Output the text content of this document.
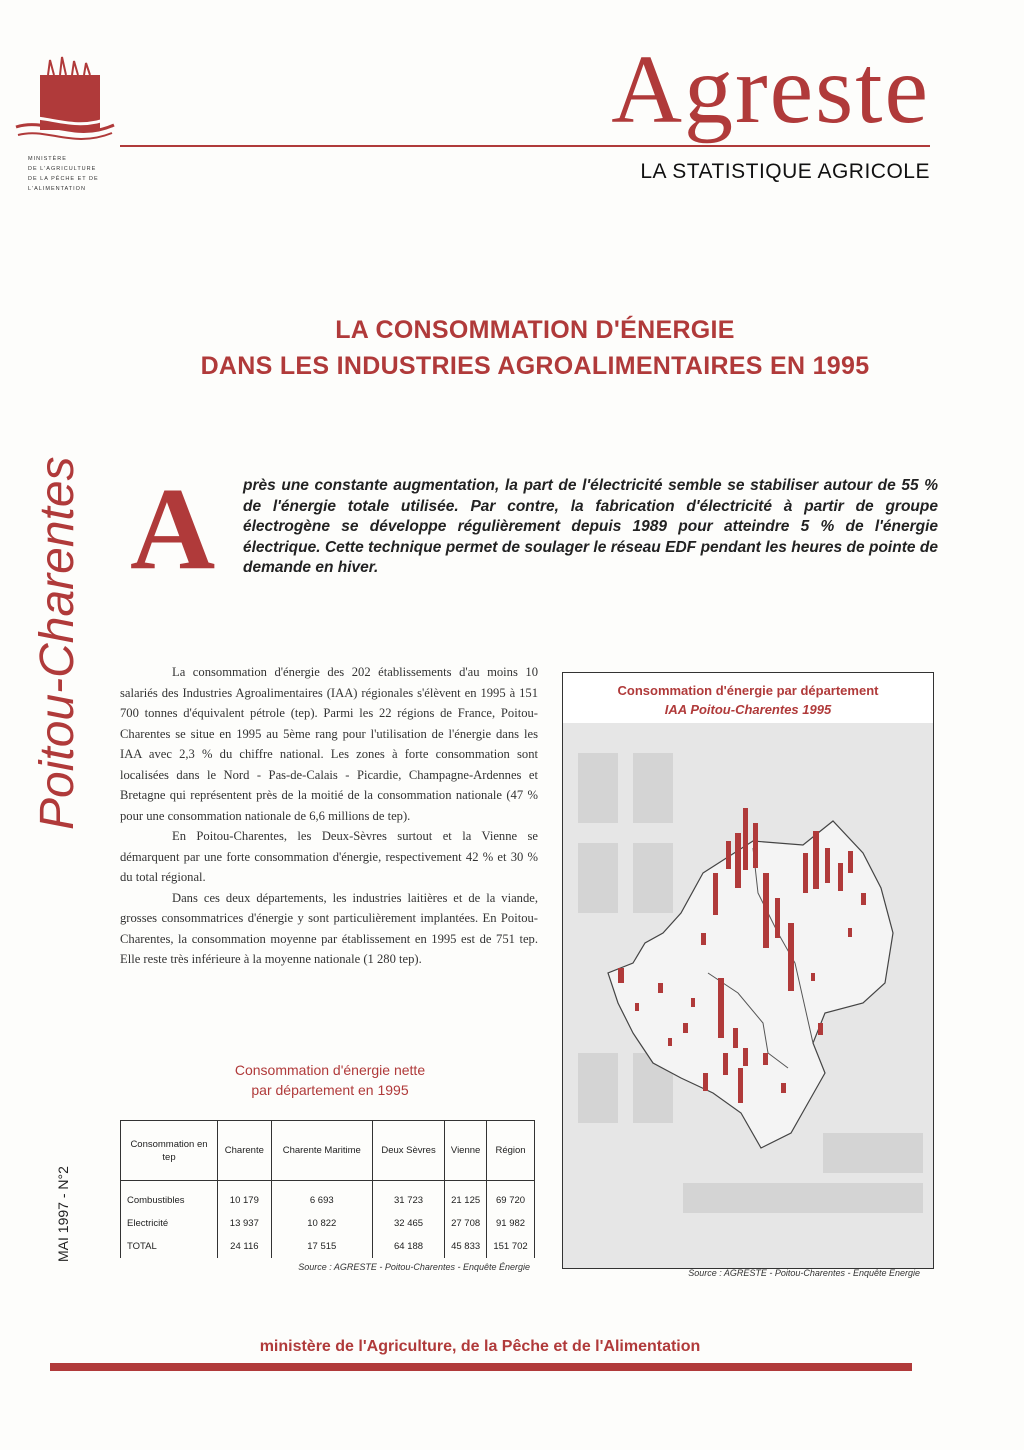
MINISTÈRE
DE L'AGRICULTURE
DE LA PÊCHE ET DE
L'ALIMENTATION
Agreste
LA STATISTIQUE AGRICOLE
Poitou-Charentes
MAI 1997 - N°2
LA CONSOMMATION D'ÉNERGIE
DANS LES INDUSTRIES AGROALIMENTAIRES EN 1995
A près une constante augmentation, la part de l'électricité semble se stabiliser autour de 55 % de l'énergie totale utilisée. Par contre, la fabrication d'électricité à partir de groupe électrogène se développe régulièrement depuis 1989 pour atteindre 5 % de l'énergie électrique. Cette technique permet de soulager le réseau EDF pendant les heures de pointe de demande en hiver.

La consommation d'énergie des 202 établissements d'au moins 10 salariés des Industries Agroalimentaires (IAA) régionales s'élèvent en 1995 à 151 700 tonnes d'équivalent pétrole (tep). Parmi les 22 régions de France, Poitou-Charentes se situe en 1995 au 5ème rang pour l'utilisation de l'énergie dans les IAA avec 2,3 % du chiffre national. Les zones à forte consommation sont localisées dans le Nord - Pas-de-Calais - Picardie, Champagne-Ardennes et Bretagne qui représentent près de la moitié de la consommation nationale (47 % pour une consommation nationale de 6,6 millions de tep).

En Poitou-Charentes, les Deux-Sèvres surtout et la Vienne se démarquent par une forte consommation d'énergie, respectivement 42 % et 30 % du total régional.

Dans ces deux départements, les industries laitières et de la viande, grosses consommatrices d'énergie y sont particulièrement implantées. En Poitou-Charentes, la consommation moyenne par établissement en 1995 est de 751 tep. Elle reste très inférieure à la moyenne nationale (1 280 tep).

Consommation d'énergie nette
par département en 1995
Consommation en tep	Charente	Charente Maritime	Deux Sèvres	Vienne	Région
Combustibles	10 179	6 693	31 723	21 125	69 720
Electricité	13 937	10 822	32 465	27 708	91 982
TOTAL	24 116	17 515	64 188	45 833	151 702
Source : AGRESTE - Poitou-Charentes - Enquête Énergie
Consommation d'énergie par département
IAA Poitou-Charentes 1995
Source : AGRESTE - Poitou-Charentes - Enquête Énergie
ministère de l'Agriculture, de la Pêche et de l'Alimentation
